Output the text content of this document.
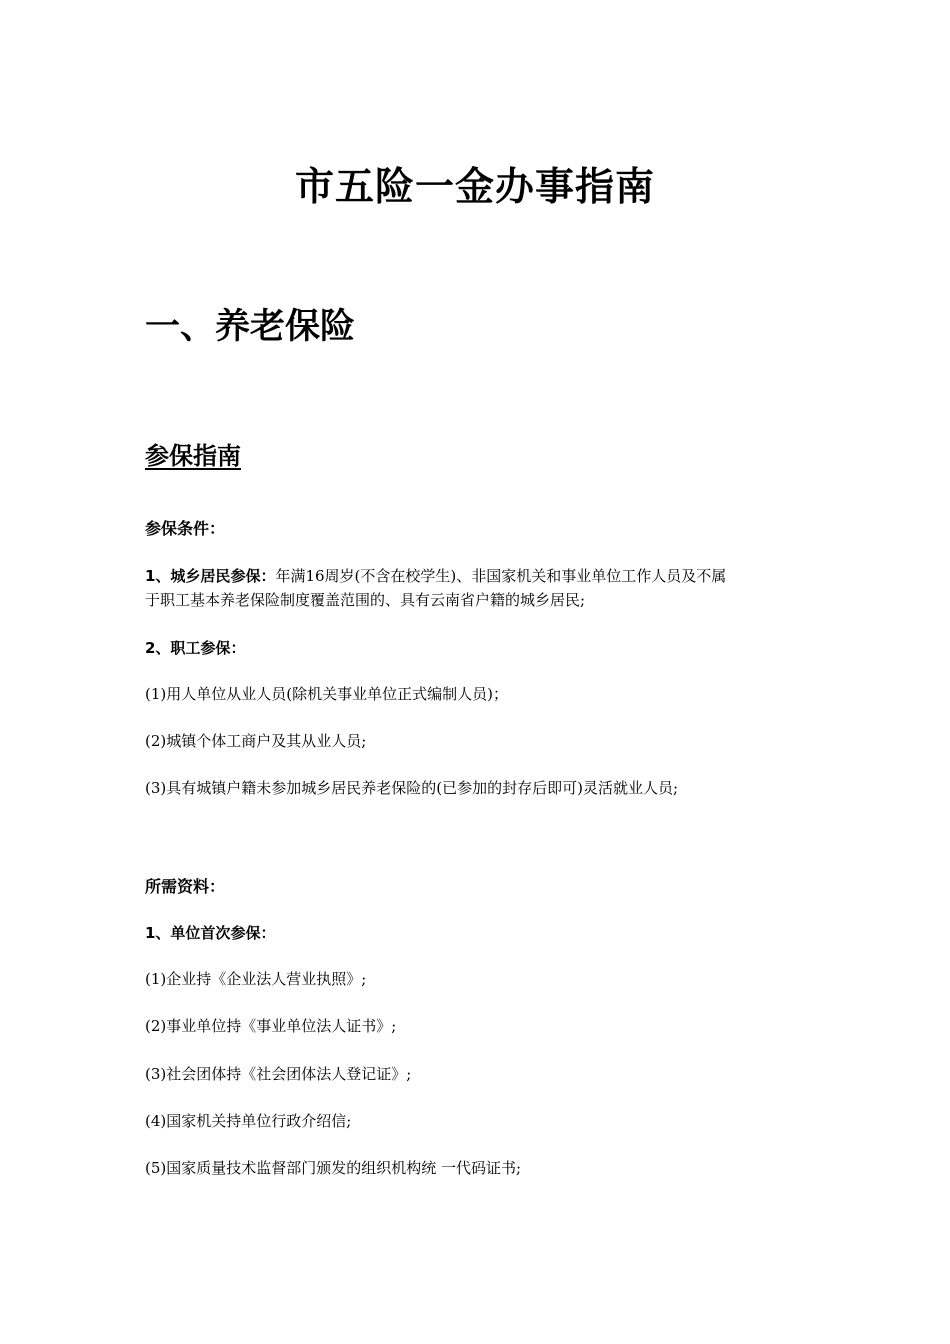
市五险一金办事指南
一、养老保险
参保指南
参保条件：
1、城乡居民参保：年满16周岁(不含在校学生)、非国家机关和事业单位工作人员及不属
于职工基本养老保险制度覆盖范围的、具有云南省户籍的城乡居民;
2、职工参保：
(1)用人单位从业人员(除机关事业单位正式编制人员)；
(2)城镇个体工商户及其从业人员;
(3)具有城镇户籍未参加城乡居民养老保险的(已参加的封存后即可)灵活就业人员;
所需资料：
1、单位首次参保：
(1)企业持《企业法人营业执照》;
(2)事业单位持《事业单位法人证书》;
(3)社会团体持《社会团体法人登记证》;
(4)国家机关持单位行政介绍信;
(5)国家质量技术监督部门颁发的组织机构统 一代码证书;
